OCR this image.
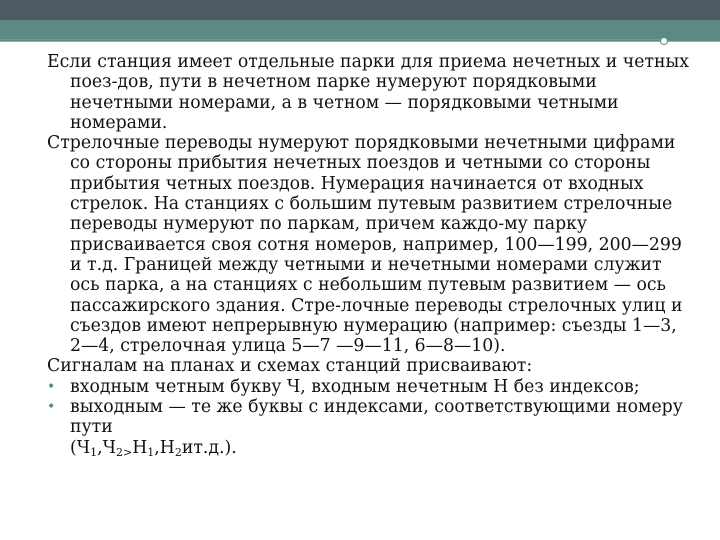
Если станция имеет отдельные парки для приема нечетных и четных поез-дов, пути в нечетном парке нумеруют порядковыми нечетными номерами, а в четном — порядковыми четными номерами.
Стрелочные переводы нумеруют порядковыми нечетными цифрами со стороны прибытия нечетных поездов и четными со стороны прибытия четных поездов. Нумерация начинается от входных стрелок. На станциях с большим путевым развитием стрелочные переводы нумеруют по паркам, причем каждо-му парку присваивается своя сотня номеров, например, 100—199, 200—299 и т.д. Границей между четными и нечетными номерами служит ось парка, а на станциях с небольшим путевым развитием — ось пассажирского здания. Стре-лочные переводы стрелочных улиц и съездов имеют непрерывную нумерацию (например: съезды 1—3, 2—4, стрелочная улица 5—7 —9—11, 6—8—10).
Сигналам на планах и схемах станций присваивают:
• входным четным букву Ч, входным нечетным Н без индексов;
• выходным — те же буквы с индексами, соответствующими номеру пути
$(Ч_1,Ч_{2>}Н_1,Н_2ит.д.)$.
